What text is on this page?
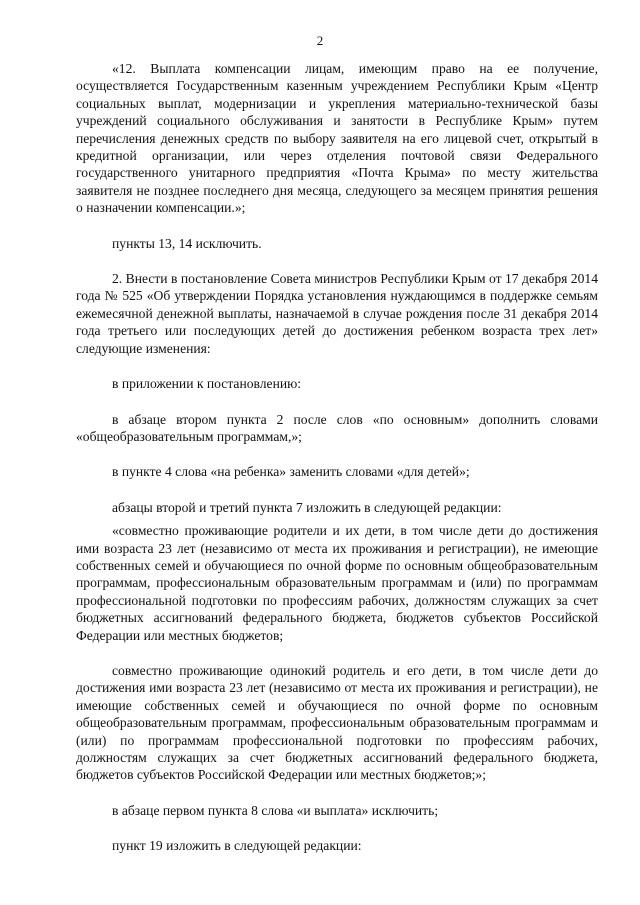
2

«12. Выплата компенсации лицам, имеющим право на ее получение, осуществляется Государственным казенным учреждением Республики Крым «Центр социальных выплат, модернизации и укрепления материально-технической базы учреждений социального обслуживания и занятости в Республике Крым» путем перечисления денежных средств по выбору заявителя на его лицевой счет, открытый в кредитной организации, или через отделения почтовой связи Федерального государственного унитарного предприятия «Почта Крыма» по месту жительства заявителя не позднее последнего дня месяца, следующего за месяцем принятия решения о назначении компенсации.»;

пункты 13, 14 исключить.

2. Внести в постановление Совета министров Республики Крым от 17 декабря 2014 года № 525 «Об утверждении Порядка установления нуждающимся в поддержке семьям ежемесячной денежной выплаты, назначаемой в случае рождения после 31 декабря 2014 года третьего или последующих детей до достижения ребенком возраста трех лет» следующие изменения:

в приложении к постановлению:

в абзаце втором пункта 2 после слов «по основным» дополнить словами «общеобразовательным программам,»;

в пункте 4 слова «на ребенка» заменить словами «для детей»;

абзацы второй и третий пункта 7 изложить в следующей редакции:

«совместно проживающие родители и их дети, в том числе дети до достижения ими возраста 23 лет (независимо от места их проживания и регистрации), не имеющие собственных семей и обучающиеся по очной форме по основным общеобразовательным программам, профессиональным образовательным программам и (или) по программам профессиональной подготовки по профессиям рабочих, должностям служащих за счет бюджетных ассигнований федерального бюджета, бюджетов субъектов Российской Федерации или местных бюджетов;

совместно проживающие одинокий родитель и его дети, в том числе дети до достижения ими возраста 23 лет (независимо от места их проживания и регистрации), не имеющие собственных семей и обучающиеся по очной форме по основным общеобразовательным программам, профессиональным образовательным программам и (или) по программам профессиональной подготовки по профессиям рабочих, должностям служащих за счет бюджетных ассигнований федерального бюджета, бюджетов субъектов Российской Федерации или местных бюджетов;»;

в абзаце первом пункта 8 слова «и выплата» исключить;

пункт 19 изложить в следующей редакции:
